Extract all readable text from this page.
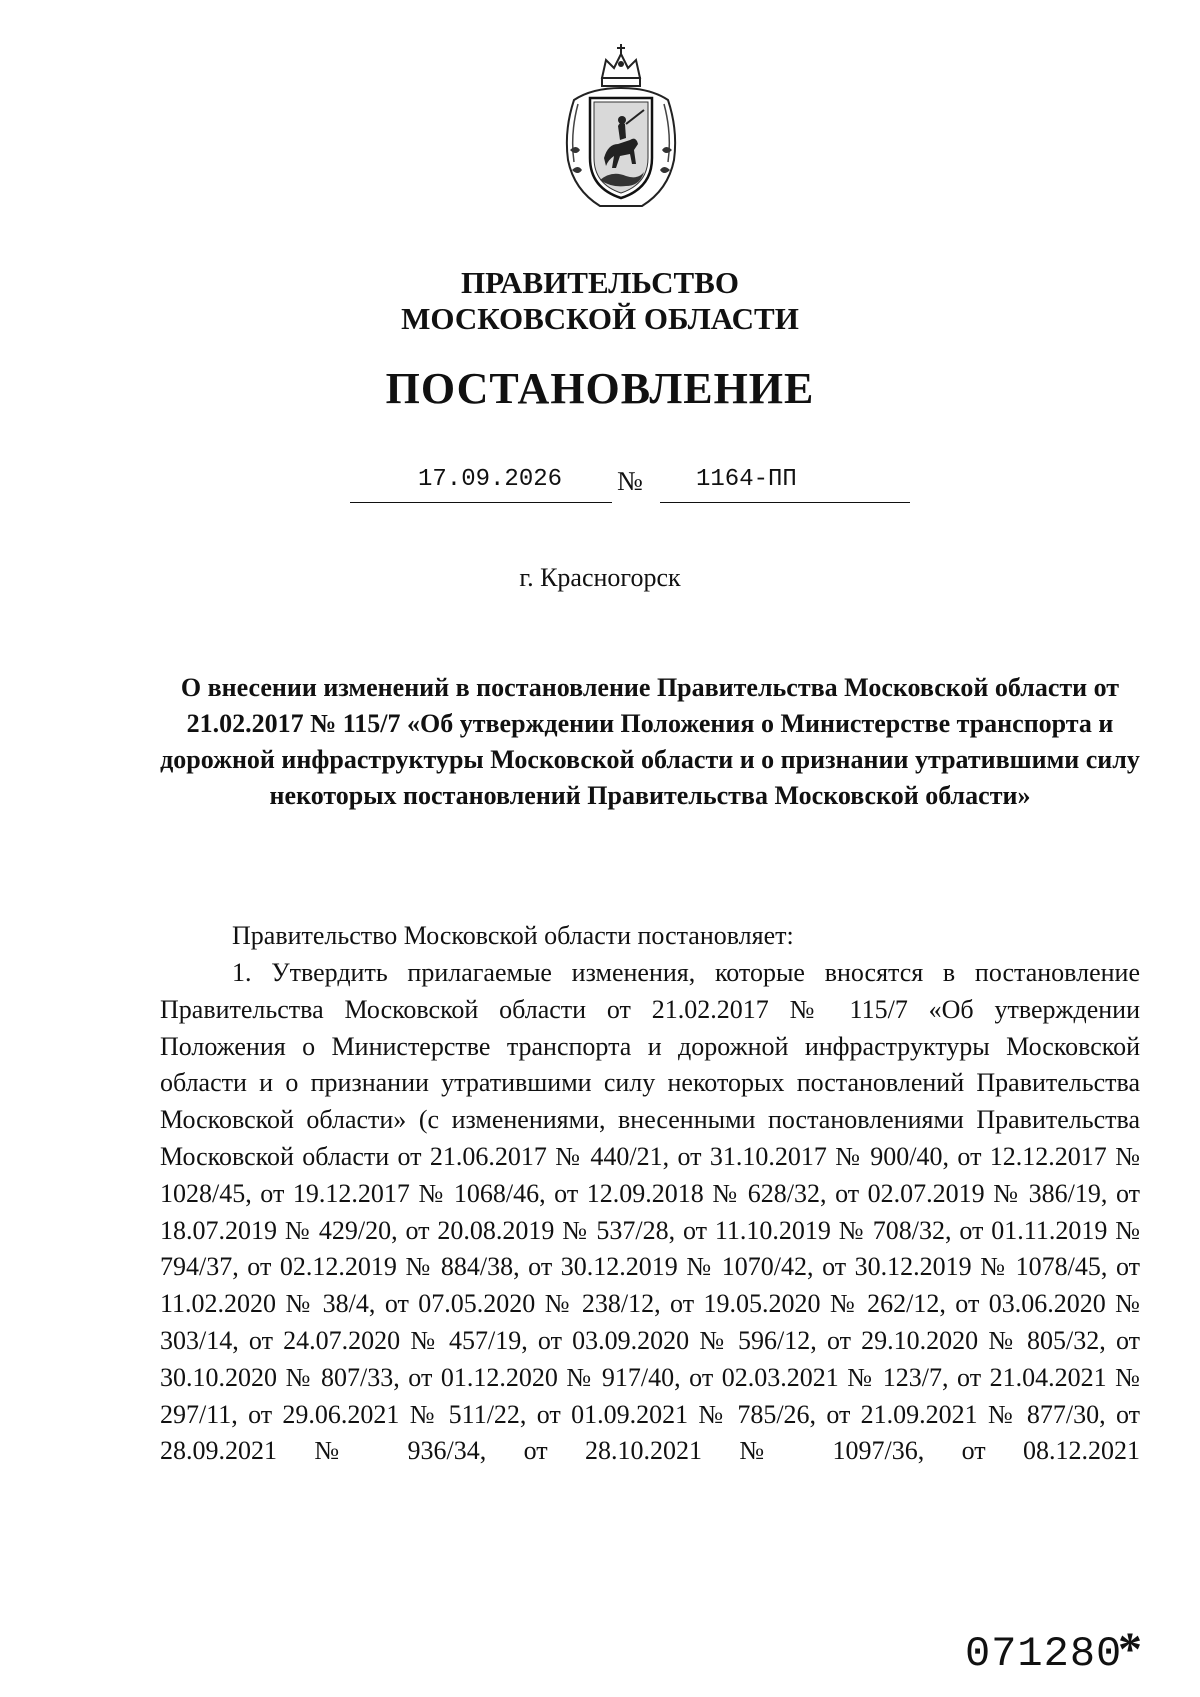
ПРАВИТЕЛЬСТВО
МОСКОВСКОЙ ОБЛАСТИ
ПОСТАНОВЛЕНИЕ
17.09.2026 № 1164-ПП
г. Красногорск
О внесении изменений в постановление Правительства Московской области от 21.02.2017 № 115/7 «Об утверждении Положения о Министерстве транспорта и дорожной инфраструктуры Московской области и о признании утратившими силу некоторых постановлений Правительства Московской области»
Правительство Московской области постановляет:

1. Утвердить прилагаемые изменения, которые вносятся в постановление Правительства Московской области от 21.02.2017 № 115/7 «Об утверждении Положения о Министерстве транспорта и дорожной инфраструктуры Московской области и о признании утратившими силу некоторых постановлений Правительства Московской области» (с изменениями, внесенными постановлениями Правительства Московской области от 21.06.2017 № 440/21, от 31.10.2017 № 900/40, от 12.12.2017 № 1028/45, от 19.12.2017 № 1068/46, от 12.09.2018 № 628/32, от 02.07.2019 № 386/19, от 18.07.2019 № 429/20, от 20.08.2019 № 537/28, от 11.10.2019 № 708/32, от 01.11.2019 № 794/37, от 02.12.2019 № 884/38, от 30.12.2019 № 1070/42, от 30.12.2019 № 1078/45, от 11.02.2020 № 38/4, от 07.05.2020 № 238/12, от 19.05.2020 № 262/12, от 03.06.2020 № 303/14, от 24.07.2020 № 457/19, от 03.09.2020 № 596/12, от 29.10.2020 № 805/32, от 30.10.2020 № 807/33, от 01.12.2020 № 917/40, от 02.03.2021 № 123/7, от 21.04.2021 № 297/11, от 29.06.2021 № 511/22, от 01.09.2021 № 785/26, от 21.09.2021 № 877/30, от 28.09.2021 № 936/34, от 28.10.2021 № 1097/36, от 08.12.2021

071280
*
